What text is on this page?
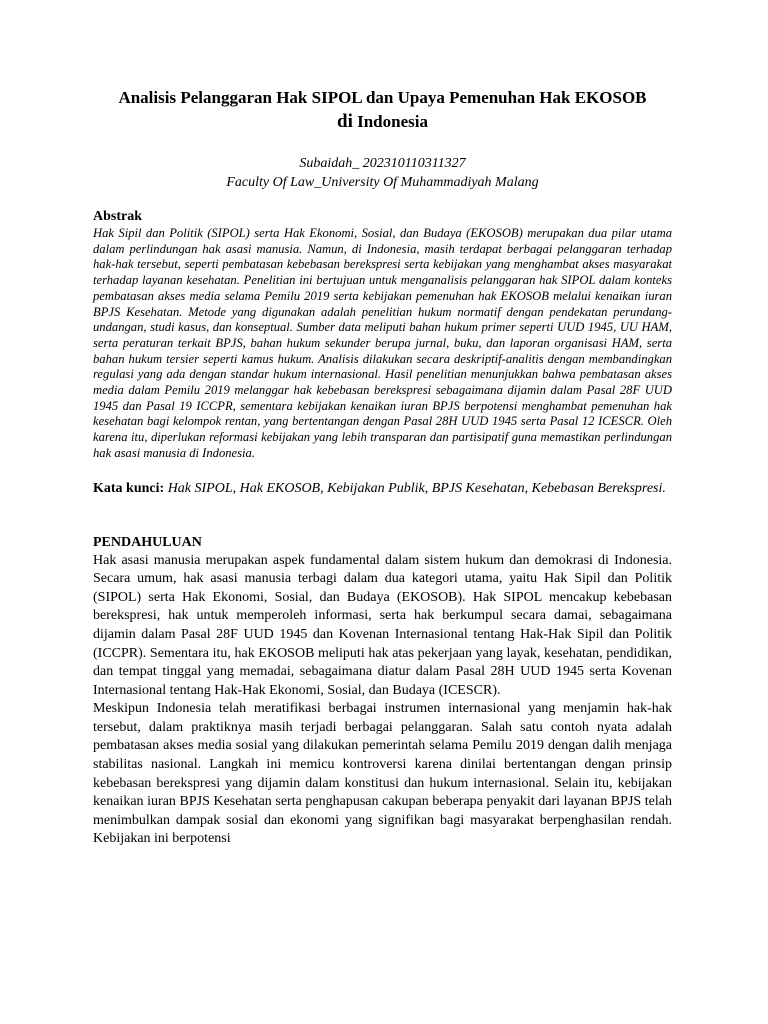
Analisis Pelanggaran Hak SIPOL dan Upaya Pemenuhan Hak EKOSOB
di Indonesia
Subaidah_ 202310110311327
Faculty Of Law_University Of Muhammadiyah Malang
Abstrak

Hak Sipil dan Politik (SIPOL) serta Hak Ekonomi, Sosial, dan Budaya (EKOSOB) merupakan dua pilar utama dalam perlindungan hak asasi manusia. Namun, di Indonesia, masih terdapat berbagai pelanggaran terhadap hak-hak tersebut, seperti pembatasan kebebasan berekspresi serta kebijakan yang menghambat akses masyarakat terhadap layanan kesehatan. Penelitian ini bertujuan untuk menganalisis pelanggaran hak SIPOL dalam konteks pembatasan akses media selama Pemilu 2019 serta kebijakan pemenuhan hak EKOSOB melalui kenaikan iuran BPJS Kesehatan. Metode yang digunakan adalah penelitian hukum normatif dengan pendekatan perundang-undangan, studi kasus, dan konseptual. Sumber data meliputi bahan hukum primer seperti UUD 1945, UU HAM, serta peraturan terkait BPJS, bahan hukum sekunder berupa jurnal, buku, dan laporan organisasi HAM, serta bahan hukum tersier seperti kamus hukum. Analisis dilakukan secara deskriptif-analitis dengan membandingkan regulasi yang ada dengan standar hukum internasional. Hasil penelitian menunjukkan bahwa pembatasan akses media dalam Pemilu 2019 melanggar hak kebebasan berekspresi sebagaimana dijamin dalam Pasal 28F UUD 1945 dan Pasal 19 ICCPR, sementara kebijakan kenaikan iuran BPJS berpotensi menghambat pemenuhan hak kesehatan bagi kelompok rentan, yang bertentangan dengan Pasal 28H UUD 1945 serta Pasal 12 ICESCR. Oleh karena itu, diperlukan reformasi kebijakan yang lebih transparan dan partisipatif guna memastikan perlindungan hak asasi manusia di Indonesia.

Kata kunci: Hak SIPOL, Hak EKOSOB, Kebijakan Publik, BPJS Kesehatan, Kebebasan Berekspresi.
PENDAHULUAN

Hak asasi manusia merupakan aspek fundamental dalam sistem hukum dan demokrasi di Indonesia. Secara umum, hak asasi manusia terbagi dalam dua kategori utama, yaitu Hak Sipil dan Politik (SIPOL) serta Hak Ekonomi, Sosial, dan Budaya (EKOSOB). Hak SIPOL mencakup kebebasan berekspresi, hak untuk memperoleh informasi, serta hak berkumpul secara damai, sebagaimana dijamin dalam Pasal 28F UUD 1945 dan Kovenan Internasional tentang Hak-Hak Sipil dan Politik (ICCPR). Sementara itu, hak EKOSOB meliputi hak atas pekerjaan yang layak, kesehatan, pendidikan, dan tempat tinggal yang memadai, sebagaimana diatur dalam Pasal 28H UUD 1945 serta Kovenan Internasional tentang Hak-Hak Ekonomi, Sosial, dan Budaya (ICESCR).

Meskipun Indonesia telah meratifikasi berbagai instrumen internasional yang menjamin hak-hak tersebut, dalam praktiknya masih terjadi berbagai pelanggaran. Salah satu contoh nyata adalah pembatasan akses media sosial yang dilakukan pemerintah selama Pemilu 2019 dengan dalih menjaga stabilitas nasional. Langkah ini memicu kontroversi karena dinilai bertentangan dengan prinsip kebebasan berekspresi yang dijamin dalam konstitusi dan hukum internasional. Selain itu, kebijakan kenaikan iuran BPJS Kesehatan serta penghapusan cakupan beberapa penyakit dari layanan BPJS telah menimbulkan dampak sosial dan ekonomi yang signifikan bagi masyarakat berpenghasilan rendah. Kebijakan ini berpotensi
